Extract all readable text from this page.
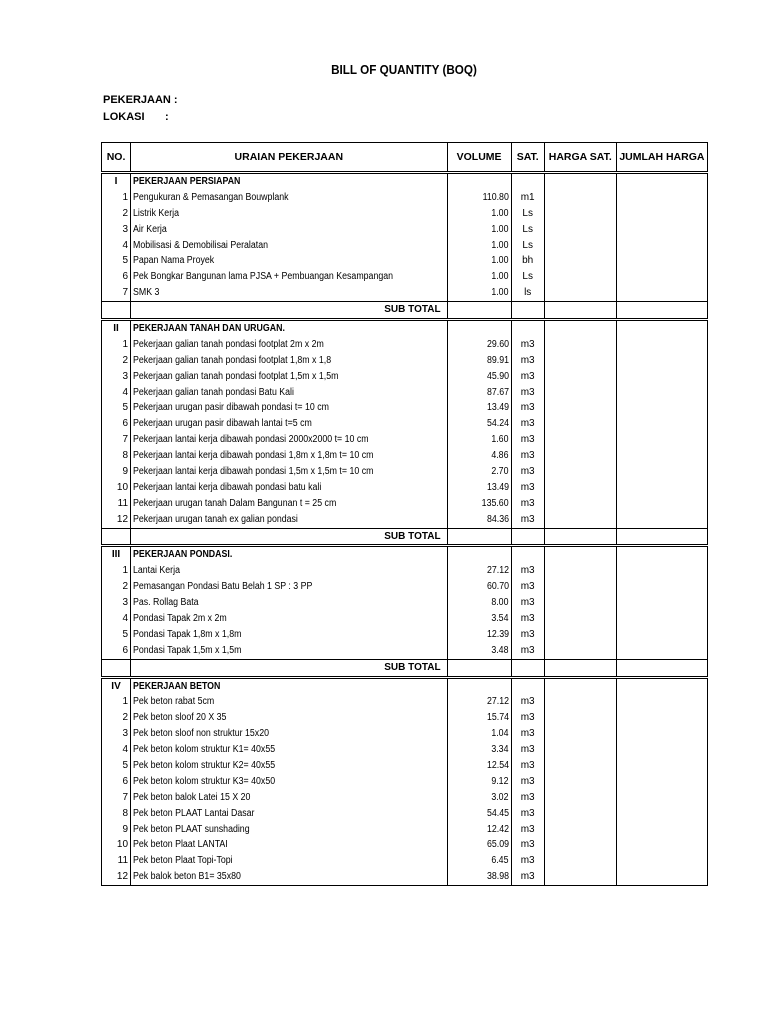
BILL OF QUANTITY (BOQ)
PEKERJAAN :
LOKASI :
NO.	URAIAN PEKERJAAN	VOLUME	SAT.	HARGA SAT.	JUMLAH HARGA
I	PEKERJAAN PERSIAPAN				
1	Pengukuran & Pemasangan Bouwplank	110.80	m1		
2	Listrik Kerja	1.00	Ls		
3	Air Kerja	1.00	Ls		
4	Mobilisasi & Demobilisai Peralatan	1.00	Ls		
5	Papan Nama Proyek	1.00	bh		
6	Pek Bongkar Bangunan lama PJSA + Pembuangan Kesampangan	1.00	Ls		
7	SMK 3	1.00	ls		
	SUB TOTAL				
II	PEKERJAAN TANAH DAN URUGAN.				
1	Pekerjaan galian tanah pondasi footplat 2m x 2m	29.60	m3		
2	Pekerjaan galian tanah pondasi footplat 1,8m x 1,8	89.91	m3		
3	Pekerjaan galian tanah pondasi footplat 1,5m x 1,5m	45.90	m3		
4	Pekerjaan galian tanah pondasi Batu Kali	87.67	m3		
5	Pekerjaan urugan pasir dibawah pondasi t= 10 cm	13.49	m3		
6	Pekerjaan urugan pasir dibawah lantai t=5 cm	54.24	m3		
7	Pekerjaan lantai kerja dibawah pondasi 2000x2000 t= 10 cm	1.60	m3		
8	Pekerjaan lantai kerja dibawah pondasi 1,8m x 1,8m t= 10 cm	4.86	m3		
9	Pekerjaan lantai kerja dibawah pondasi 1,5m x 1,5m t= 10 cm	2.70	m3		
10	Pekerjaan lantai kerja dibawah pondasi batu kali	13.49	m3		
11	Pekerjaan urugan tanah Dalam Bangunan t = 25 cm	135.60	m3		
12	Pekerjaan urugan tanah ex galian pondasi	84.36	m3		
	SUB TOTAL				
III	PEKERJAAN PONDASI.				
1	Lantai Kerja	27.12	m3		
2	Pemasangan Pondasi Batu Belah 1 SP : 3 PP	60.70	m3		
3	Pas. Rollag Bata	8.00	m3		
4	Pondasi Tapak 2m x 2m	3.54	m3		
5	Pondasi Tapak 1,8m x 1,8m	12.39	m3		
6	Pondasi Tapak 1,5m x 1,5m	3.48	m3		
	SUB TOTAL				
IV	PEKERJAAN BETON				
1	Pek beton rabat 5cm	27.12	m3		
2	Pek beton sloof 20 X 35	15.74	m3		
3	Pek beton sloof non struktur 15x20	1.04	m3		
4	Pek beton kolom struktur K1= 40x55	3.34	m3		
5	Pek beton kolom struktur K2= 40x55	12.54	m3		
6	Pek beton kolom struktur K3= 40x50	9.12	m3		
7	Pek beton balok Latei 15 X 20	3.02	m3		
8	Pek beton PLAAT Lantai Dasar	54.45	m3		
9	Pek beton PLAAT sunshading	12.42	m3		
10	Pek beton Plaat LANTAI	65.09	m3		
11	Pek beton Plaat Topi-Topi	6.45	m3		
12	Pek balok beton B1= 35x80	38.98	m3		
